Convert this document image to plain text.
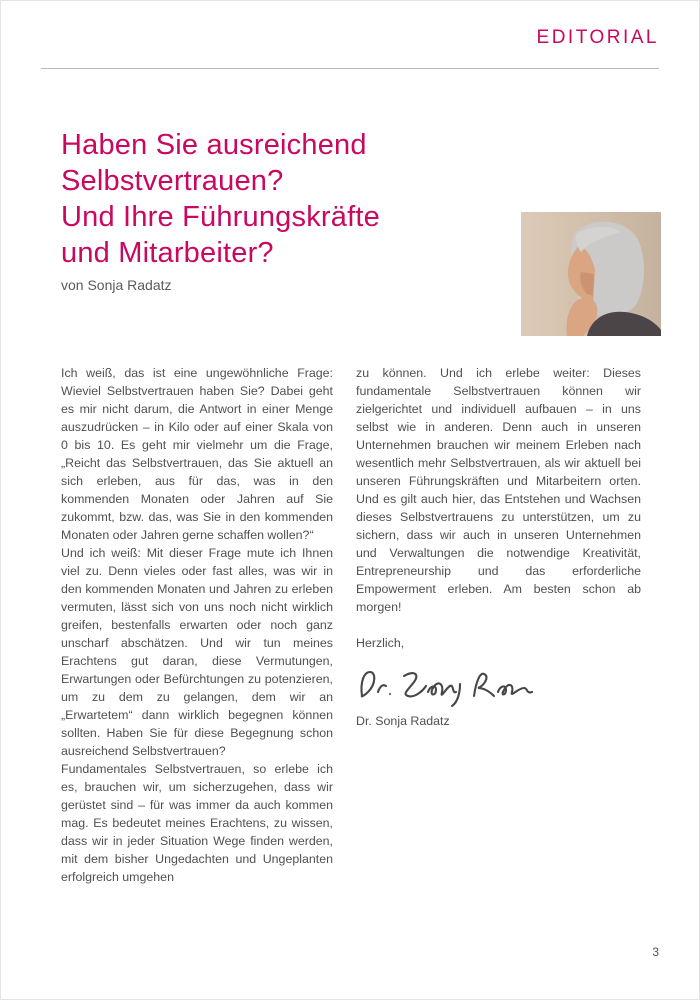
EDITORIAL
Haben Sie ausreichend
Selbstvertrauen?
Und Ihre Führungskräfte
und Mitarbeiter?
von Sonja Radatz

Ich weiß, das ist eine ungewöhnliche Frage: Wieviel Selbstvertrauen haben Sie? Dabei geht es mir nicht darum, die Antwort in einer Menge auszudrücken – in Kilo oder auf einer Skala von 0 bis 10. Es geht mir vielmehr um die Frage, „Reicht das Selbstvertrauen, das Sie aktuell an sich erleben, aus für das, was in den kommenden Monaten oder Jahren auf Sie zukommt, bzw. das, was Sie in den kommenden Monaten oder Jahren gerne schaffen wollen?“

Und ich weiß: Mit dieser Frage mute ich Ihnen viel zu. Denn vieles oder fast alles, was wir in den kommenden Monaten und Jahren zu erleben vermuten, lässt sich von uns noch nicht wirklich greifen, bestenfalls erwarten oder noch ganz unscharf abschätzen. Und wir tun meines Erachtens gut daran, diese Vermutungen, Erwartungen oder Befürchtungen zu potenzieren, um zu dem zu gelangen, dem wir an „Erwartetem“ dann wirklich begegnen können sollten. Haben Sie für diese Begegnung schon ausreichend Selbstvertrauen?

Fundamentales Selbstvertrauen, so erlebe ich es, brauchen wir, um sicherzugehen, dass wir gerüstet sind – für was immer da auch kommen mag. Es bedeutet meines Erachtens, zu wissen, dass wir in jeder Situation Wege finden werden, mit dem bisher Ungedachten und Ungeplanten erfolgreich umgehen

zu können. Und ich erlebe weiter: Dieses fundamentale Selbstvertrauen können wir zielgerichtet und individuell aufbauen – in uns selbst wie in anderen. Denn auch in unseren Unternehmen brauchen wir meinem Erleben nach wesentlich mehr Selbstvertrauen, als wir aktuell bei unseren Führungskräften und Mitarbeitern orten. Und es gilt auch hier, das Entstehen und Wachsen dieses Selbstvertrauens zu unterstützen, um zu sichern, dass wir auch in unseren Unternehmen und Verwaltungen die notwendige Kreativität, Entrepreneurship und das erforderliche Empowerment erleben. Am besten schon ab morgen!

Herzlich,

Dr. Sonja Radatz
3
